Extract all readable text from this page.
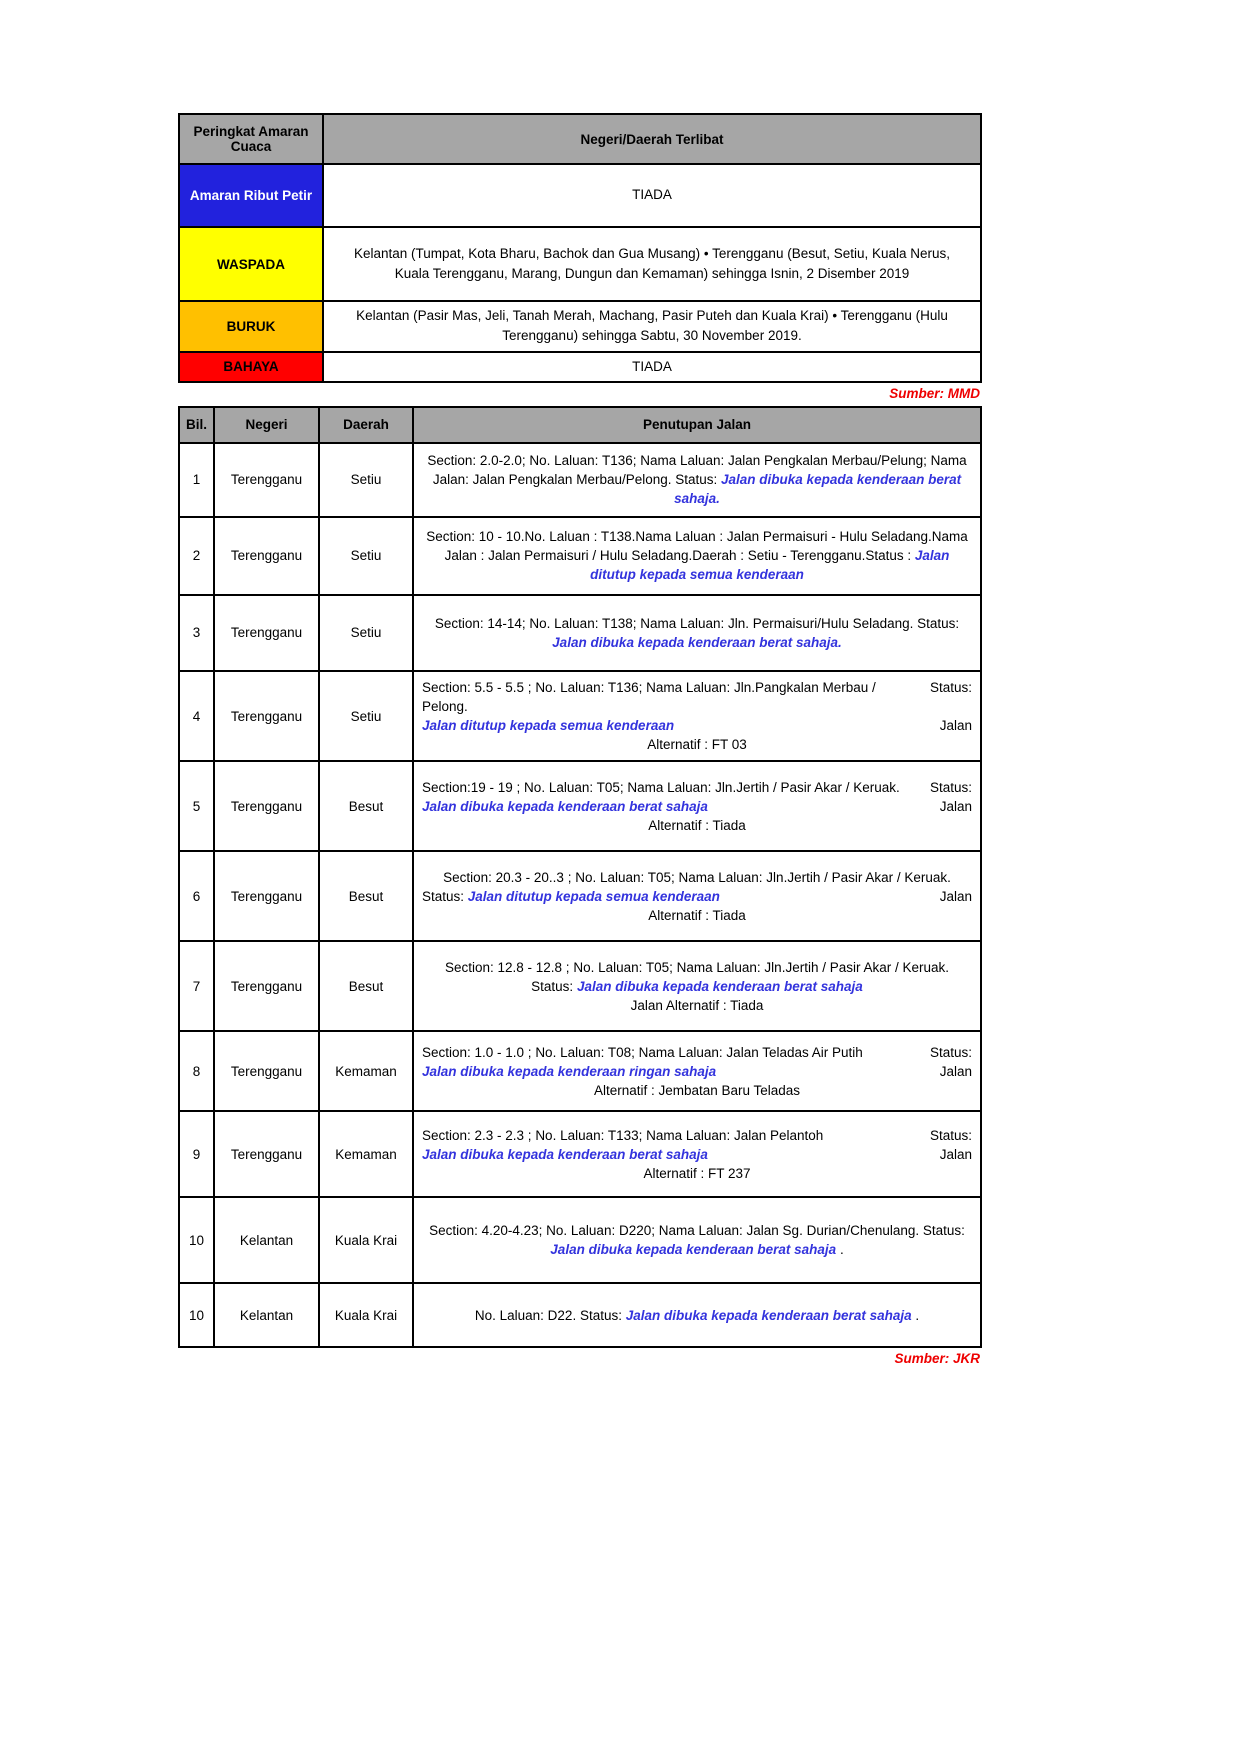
Peringkat Amaran Cuaca	Negeri/Daerah Terlibat
Amaran Ribut Petir	TIADA
WASPADA	Kelantan (Tumpat, Kota Bharu, Bachok dan Gua Musang) • Terengganu (Besut, Setiu, Kuala Nerus, Kuala Terengganu, Marang, Dungun dan Kemaman) sehingga Isnin, 2 Disember 2019
BURUK	Kelantan (Pasir Mas, Jeli, Tanah Merah, Machang, Pasir Puteh dan Kuala Krai) • Terengganu (Hulu Terengganu) sehingga Sabtu, 30 November 2019.
BAHAYA	TIADA
Sumber: MMD
Bil.	Negeri	Daerah	Penutupan Jalan
1	Terengganu	Setiu	Section: 2.0-2.0; No. Laluan: T136; Nama Laluan: Jalan Pengkalan Merbau/Pelung; Nama Jalan: Jalan Pengkalan Merbau/Pelong. Status: Jalan dibuka kepada kenderaan berat sahaja.

2	Terengganu	Setiu	Section: 10 - 10.No. Laluan : T138.Nama Laluan : Jalan Permaisuri - Hulu Seladang.Nama Jalan : Jalan Permaisuri / Hulu Seladang.Daerah : Setiu - Terengganu.Status : Jalan ditutup kepada semua kenderaan

3	Terengganu	Setiu	Section: 14-14; No. Laluan: T138; Nama Laluan: Jln. Permaisuri/Hulu Seladang. Status: Jalan dibuka kepada kenderaan berat sahaja.

4	Terengganu	Setiu	Section: 5.5 - 5.5 ; No. Laluan: T136; Nama Laluan: Jln.Pangkalan Merbau / Pelong.
Status:
Jalan ditutup kepada semua kenderaan Jalan
Alternatif : FT 03

5	Terengganu	Besut	Section:19 - 19 ; No. Laluan: T05; Nama Laluan: Jln.Jertih / Pasir Akar / Keruak. Status:
Jalan dibuka kepada kenderaan berat sahaja Jalan
Alternatif : Tiada

6	Terengganu	Besut	Section: 20.3 - 20..3 ; No. Laluan: T05; Nama Laluan: Jln.Jertih / Pasir Akar / Keruak.
Status: Jalan ditutup kepada semua kenderaan Jalan
Alternatif : Tiada

7	Terengganu	Besut	Section: 12.8 - 12.8 ; No. Laluan: T05; Nama Laluan: Jln.Jertih / Pasir Akar / Keruak.
Status: Jalan dibuka kepada kenderaan berat sahaja
Jalan Alternatif : Tiada

8	Terengganu	Kemaman	Section: 1.0 - 1.0 ; No. Laluan: T08; Nama Laluan: Jalan Teladas Air Putih Status:
Jalan dibuka kepada kenderaan ringan sahaja Jalan
Alternatif : Jembatan Baru Teladas

9	Terengganu	Kemaman	Section: 2.3 - 2.3 ; No. Laluan: T133; Nama Laluan: Jalan Pelantoh Status:
Jalan dibuka kepada kenderaan berat sahaja Jalan
Alternatif : FT 237

10	Kelantan	Kuala Krai	Section: 4.20-4.23; No. Laluan: D220; Nama Laluan: Jalan Sg. Durian/Chenulang. Status: Jalan dibuka kepada kenderaan berat sahaja .

10	Kelantan	Kuala Krai	No. Laluan: D22. Status: Jalan dibuka kepada kenderaan berat sahaja .
Sumber: JKR
